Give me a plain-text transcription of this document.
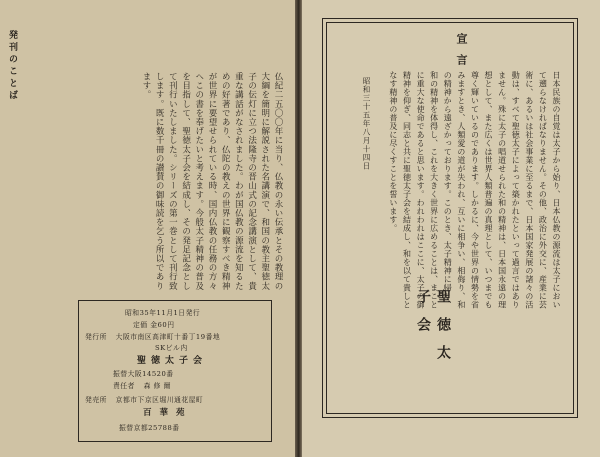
発刊のことば
仏紀二五〇〇年に当り、仏教の永い伝承とその教理の大綱を簡明に解説された名講演で、和国の教主聖徳太子の伝灯に立つ法隆寺の晋山式の記念講演として、貴重な講話がなされました。わが国仏教の源流を知るための好著であり、仏陀の教えの世界に観察すべき精神が世界に要望せられている時、国内仏教の任務の方々へこの書を奉げたいと考えます。今般太子精神の普及を目指して、聖徳太子会を結成し、その発足記念として刊行いたしました。シリーズの第一巻として刊行致します。既に数千冊の讃賛の御味読を乞う所以であります。
昭和35年11月1日発行
定価 金60円
発行所 大阪市南区高津町十番丁19番地
SKビル内
聖徳太子会
振替大阪14520番
責任者 森 修 爾
発売所 京都市下京区堀川通花屋町
百華苑
振替京都25788番
宣言
日本民族の自覚は太子から始り、日本仏教の源流は太子において遡らなければなりません。その他、政治に外交に、産業に芸術に、あるいは社会事業に至るまで、日本国家発展の諸々の活動は、すべて聖徳太子によって築かれたといって過言ではありません。殊に太子の唱道せられた和の精神は、日本国永遠の理想として、また広くは世界人類普遍の真理として、いつまでも尊く輝いているのであります。しかるに、今や世界の情勢を省みますとき、人類愛の道が失われ、互いに相争い、相侮り、和の精神から遠ざかっております。このとき、太子精神に帰り、和の精神を体得し、これを大きく世界に広めることは、まことに重大な使命であると思います。われわれはここに、太子の御精神を仰ぎ、同志と共に聖徳太子会を結成し、和を以て貴しとなす精神の普及に尽くすことを誓います。
昭和三十五年八月十四日
聖徳太子会
